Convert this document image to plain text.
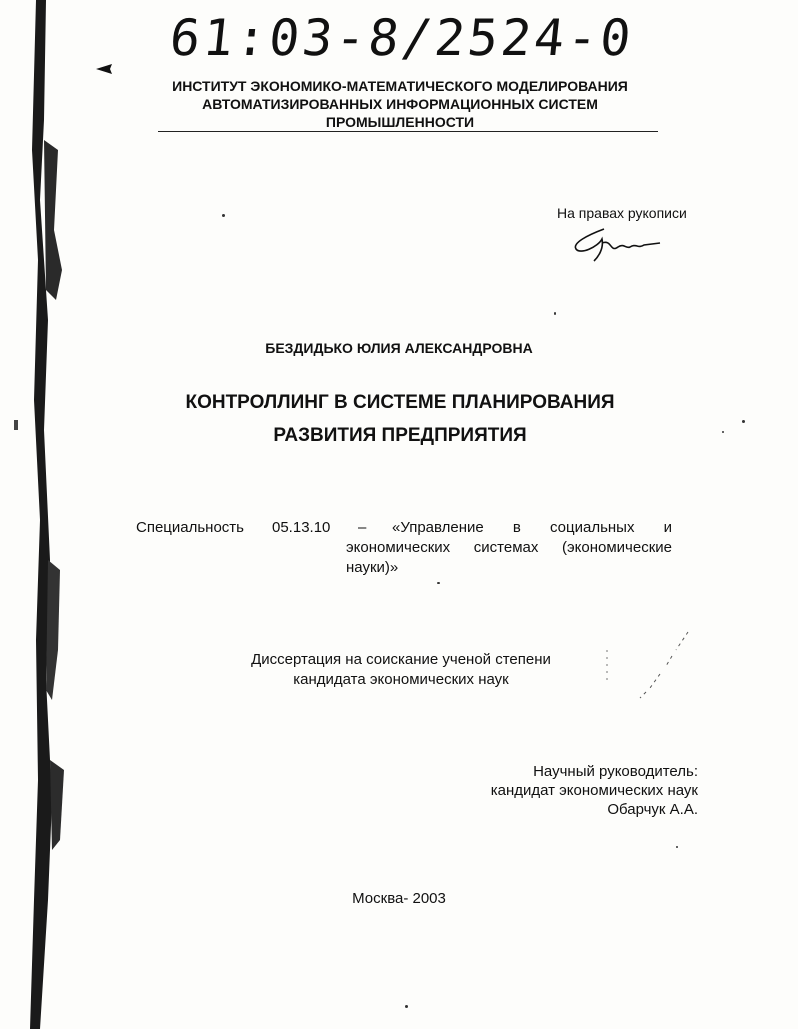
61:03-8/2524-0
ИНСТИТУТ ЭКОНОМИКО-МАТЕМАТИЧЕСКОГО МОДЕЛИРОВАНИЯ
АВТОМАТИЗИРОВАННЫХ ИНФОРМАЦИОННЫХ СИСТЕМ
ПРОМЫШЛЕННОСТИ
На правах рукописи
БЕЗДИДЬКО ЮЛИЯ АЛЕКСАНДРОВНА
КОНТРОЛЛИНГ В СИСТЕМЕ ПЛАНИРОВАНИЯ
РАЗВИТИЯ ПРЕДПРИЯТИЯ
Специальность 05.13.10 – «Управление в социальных и
экономических системах (экономические
науки)»
Диссертация на соискание ученой степени
кандидата экономических наук
Научный руководитель:
кандидат экономических наук
Обарчук А.А.
Москва- 2003
